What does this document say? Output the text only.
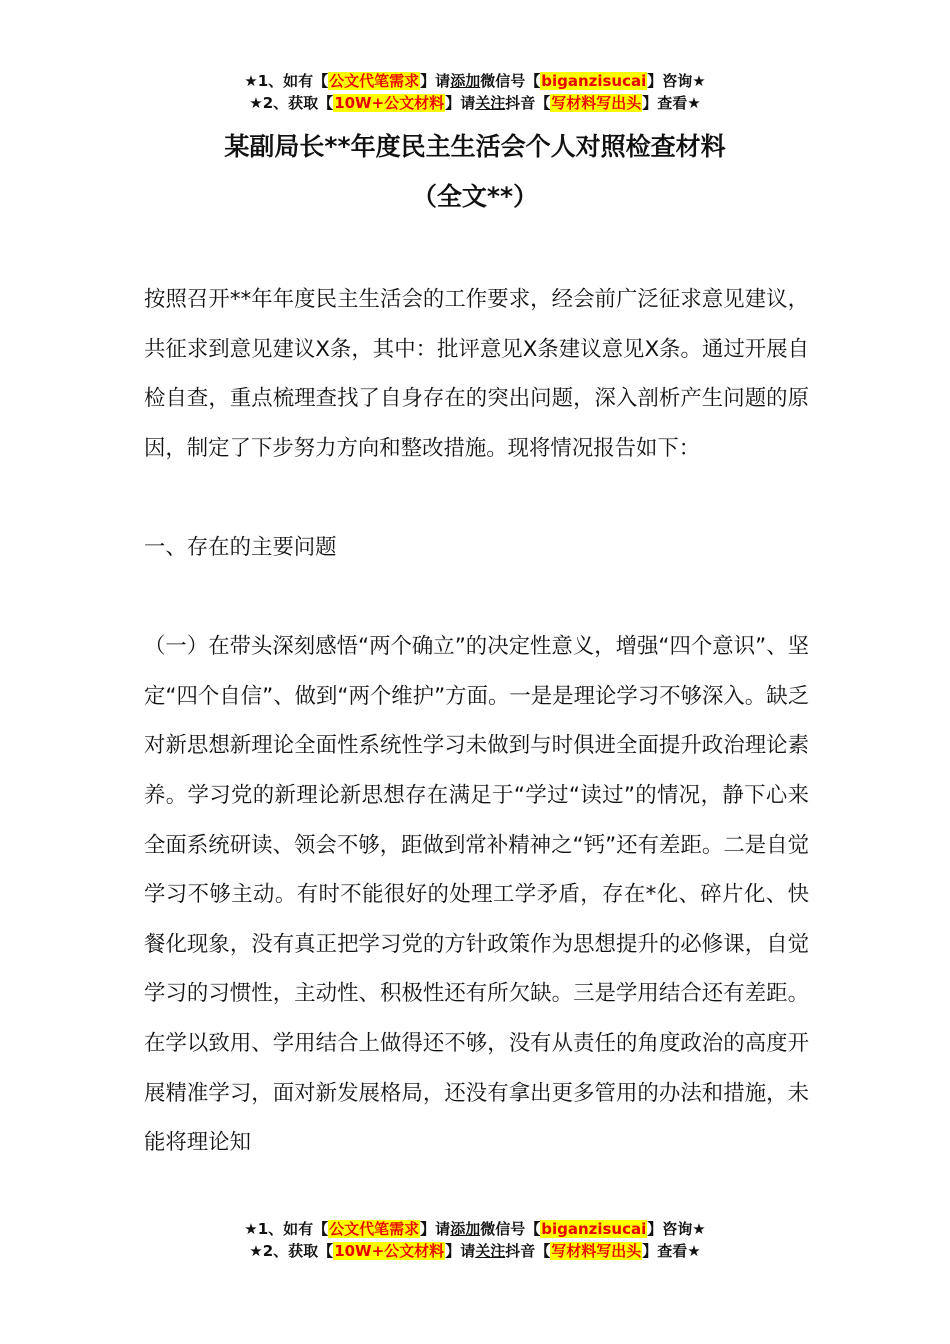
★1、如有【公文代笔需求】请添加微信号【biganzisucai】咨询★
★2、获取【10W+公文材料】请关注抖音【写材料写出头】查看★
某副局长**年度民主生活会个人对照检查材料
（全文**）

按照召开**年年度民主生活会的工作要求，经会前广泛征求意见建议，共征求到意见建议X条，其中：批评意见X条建议意见X条。通过开展自检自查，重点梳理查找了自身存在的突出问题，深入剖析产生问题的原因，制定了下步努力方向和整改措施。现将情况报告如下：

一、存在的主要问题

（一）在带头深刻感悟“两个确立”的决定性意义，增强“四个意识”、坚定“四个自信”、做到“两个维护”方面。一是是理论学习不够深入。缺乏对新思想新理论全面性系统性学习未做到与时俱进全面提升政治理论素养。学习党的新理论新思想存在满足于“学过“读过”的情况，静下心来全面系统研读、领会不够，距做到常补精神之“钙”还有差距。二是自觉学习不够主动。有时不能很好的处理工学矛盾，存在*化、碎片化、快餐化现象，没有真正把学习党的方针政策作为思想提升的必修课，自觉学习的习惯性，主动性、积极性还有所欠缺。三是学用结合还有差距。在学以致用、学用结合上做得还不够，没有从责任的角度政治的高度开展精准学习，面对新发展格局，还没有拿出更多管用的办法和措施，未能将理论知

★1、如有【公文代笔需求】请添加微信号【biganzisucai】咨询★
★2、获取【10W+公文材料】请关注抖音【写材料写出头】查看★
